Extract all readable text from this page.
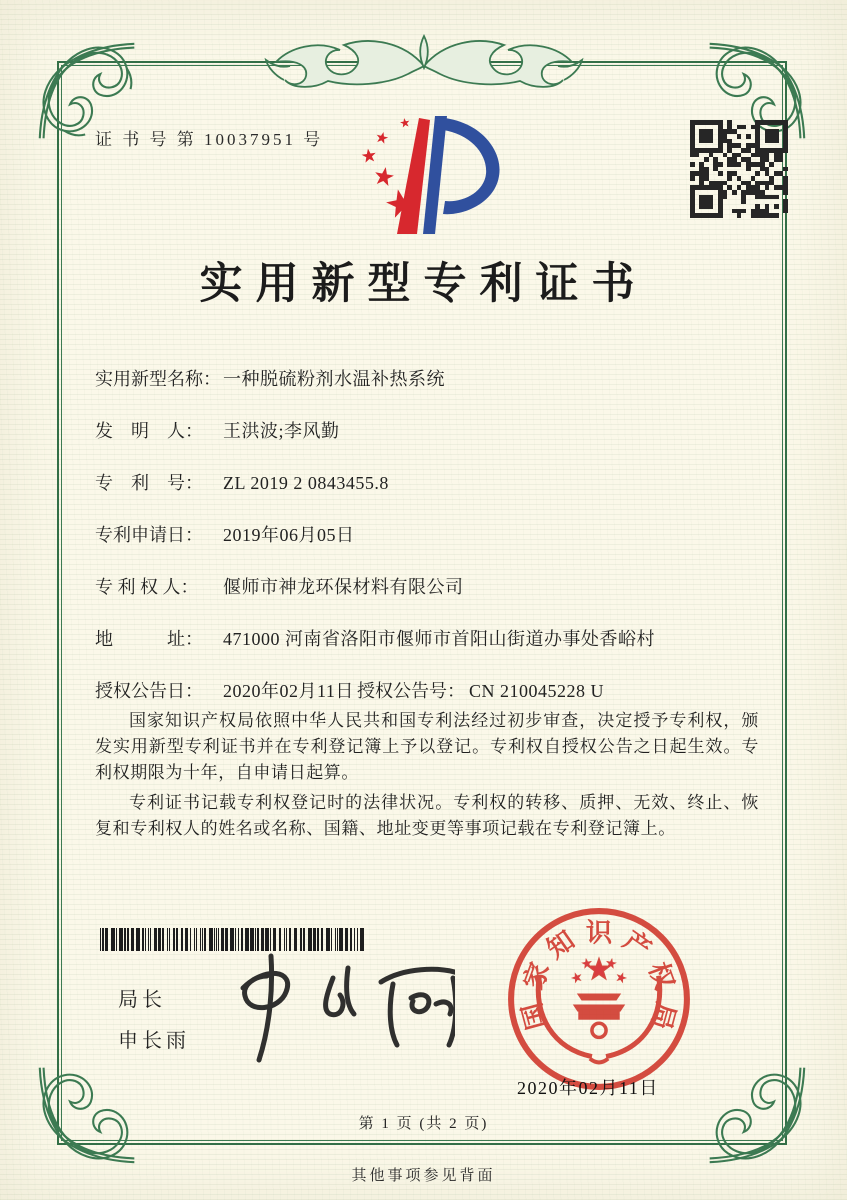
证 书 号 第 10037951 号
实用新型专利证书
实用新型名称： 一种脱硫粉剂水温补热系统
发　明　人：	王洪波;李风勤
专　利　号：	ZL 2019 2 0843455.8
专利申请日：	2019年06月05日
专 利 权 人：	偃师市神龙环保材料有限公司
地　　　址：	471000 河南省洛阳市偃师市首阳山街道办事处香峪村
授权公告日：	2020年02月11日 授权公告号： CN 210045228 U

国家知识产权局依照中华人民共和国专利法经过初步审查，决定授予专利权，颁发实用新型专利证书并在专利登记簿上予以登记。专利权自授权公告之日起生效。专利权期限为十年，自申请日起算。

专利证书记载专利权登记时的法律状况。专利权的转移、质押、无效、终止、恢复和专利权人的姓名或名称、国籍、地址变更等事项记载在专利登记簿上。

局长
申长雨
国
家
知 识 产
权
局
2020年02月11日
第 1 页 (共 2 页)
其他事项参见背面
